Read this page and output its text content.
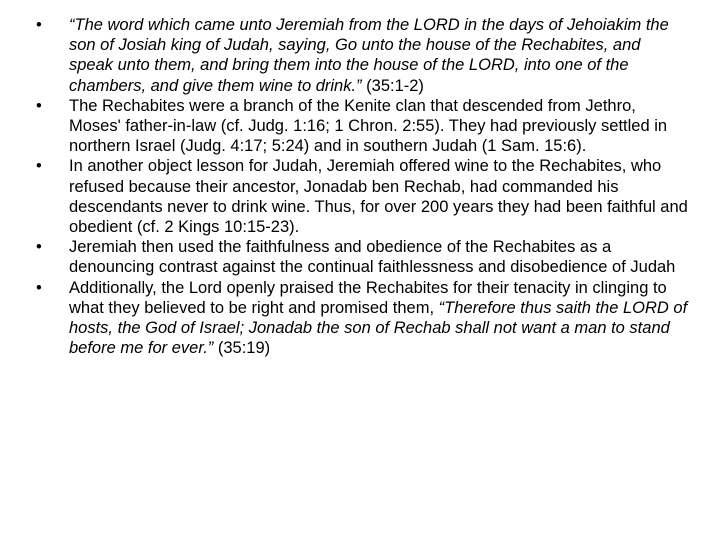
•	“The word which came unto Jeremiah from the LORD in the days of Jehoiakim the son of Josiah king of Judah, saying, Go unto the house of the Rechabites, and speak unto them, and bring them into the house of the LORD, into one of the chambers, and give them wine to drink.” (35:1-2)
•	The Rechabites were a branch of the Kenite clan that descended from Jethro, Moses' father-in-law (cf. Judg. 1:16; 1 Chron. 2:55). They had previously settled in northern Israel (Judg. 4:17; 5:24) and in southern Judah (1 Sam. 15:6).
•	In another object lesson for Judah, Jeremiah offered wine to the Rechabites, who refused because their ancestor, Jonadab ben Rechab, had commanded his descendants never to drink wine. Thus, for over 200 years they had been faithful and obedient (cf. 2 Kings 10:15-23).
•	Jeremiah then used the faithfulness and obedience of the Rechabites as a denouncing contrast against the continual faithlessness and disobedience of Judah
•	Additionally, the Lord openly praised the Rechabites for their tenacity in clinging to what they believed to be right and promised them, “Therefore thus saith the LORD of hosts, the God of Israel; Jonadab the son of Rechab shall not want a man to stand before me for ever.” (35:19)
